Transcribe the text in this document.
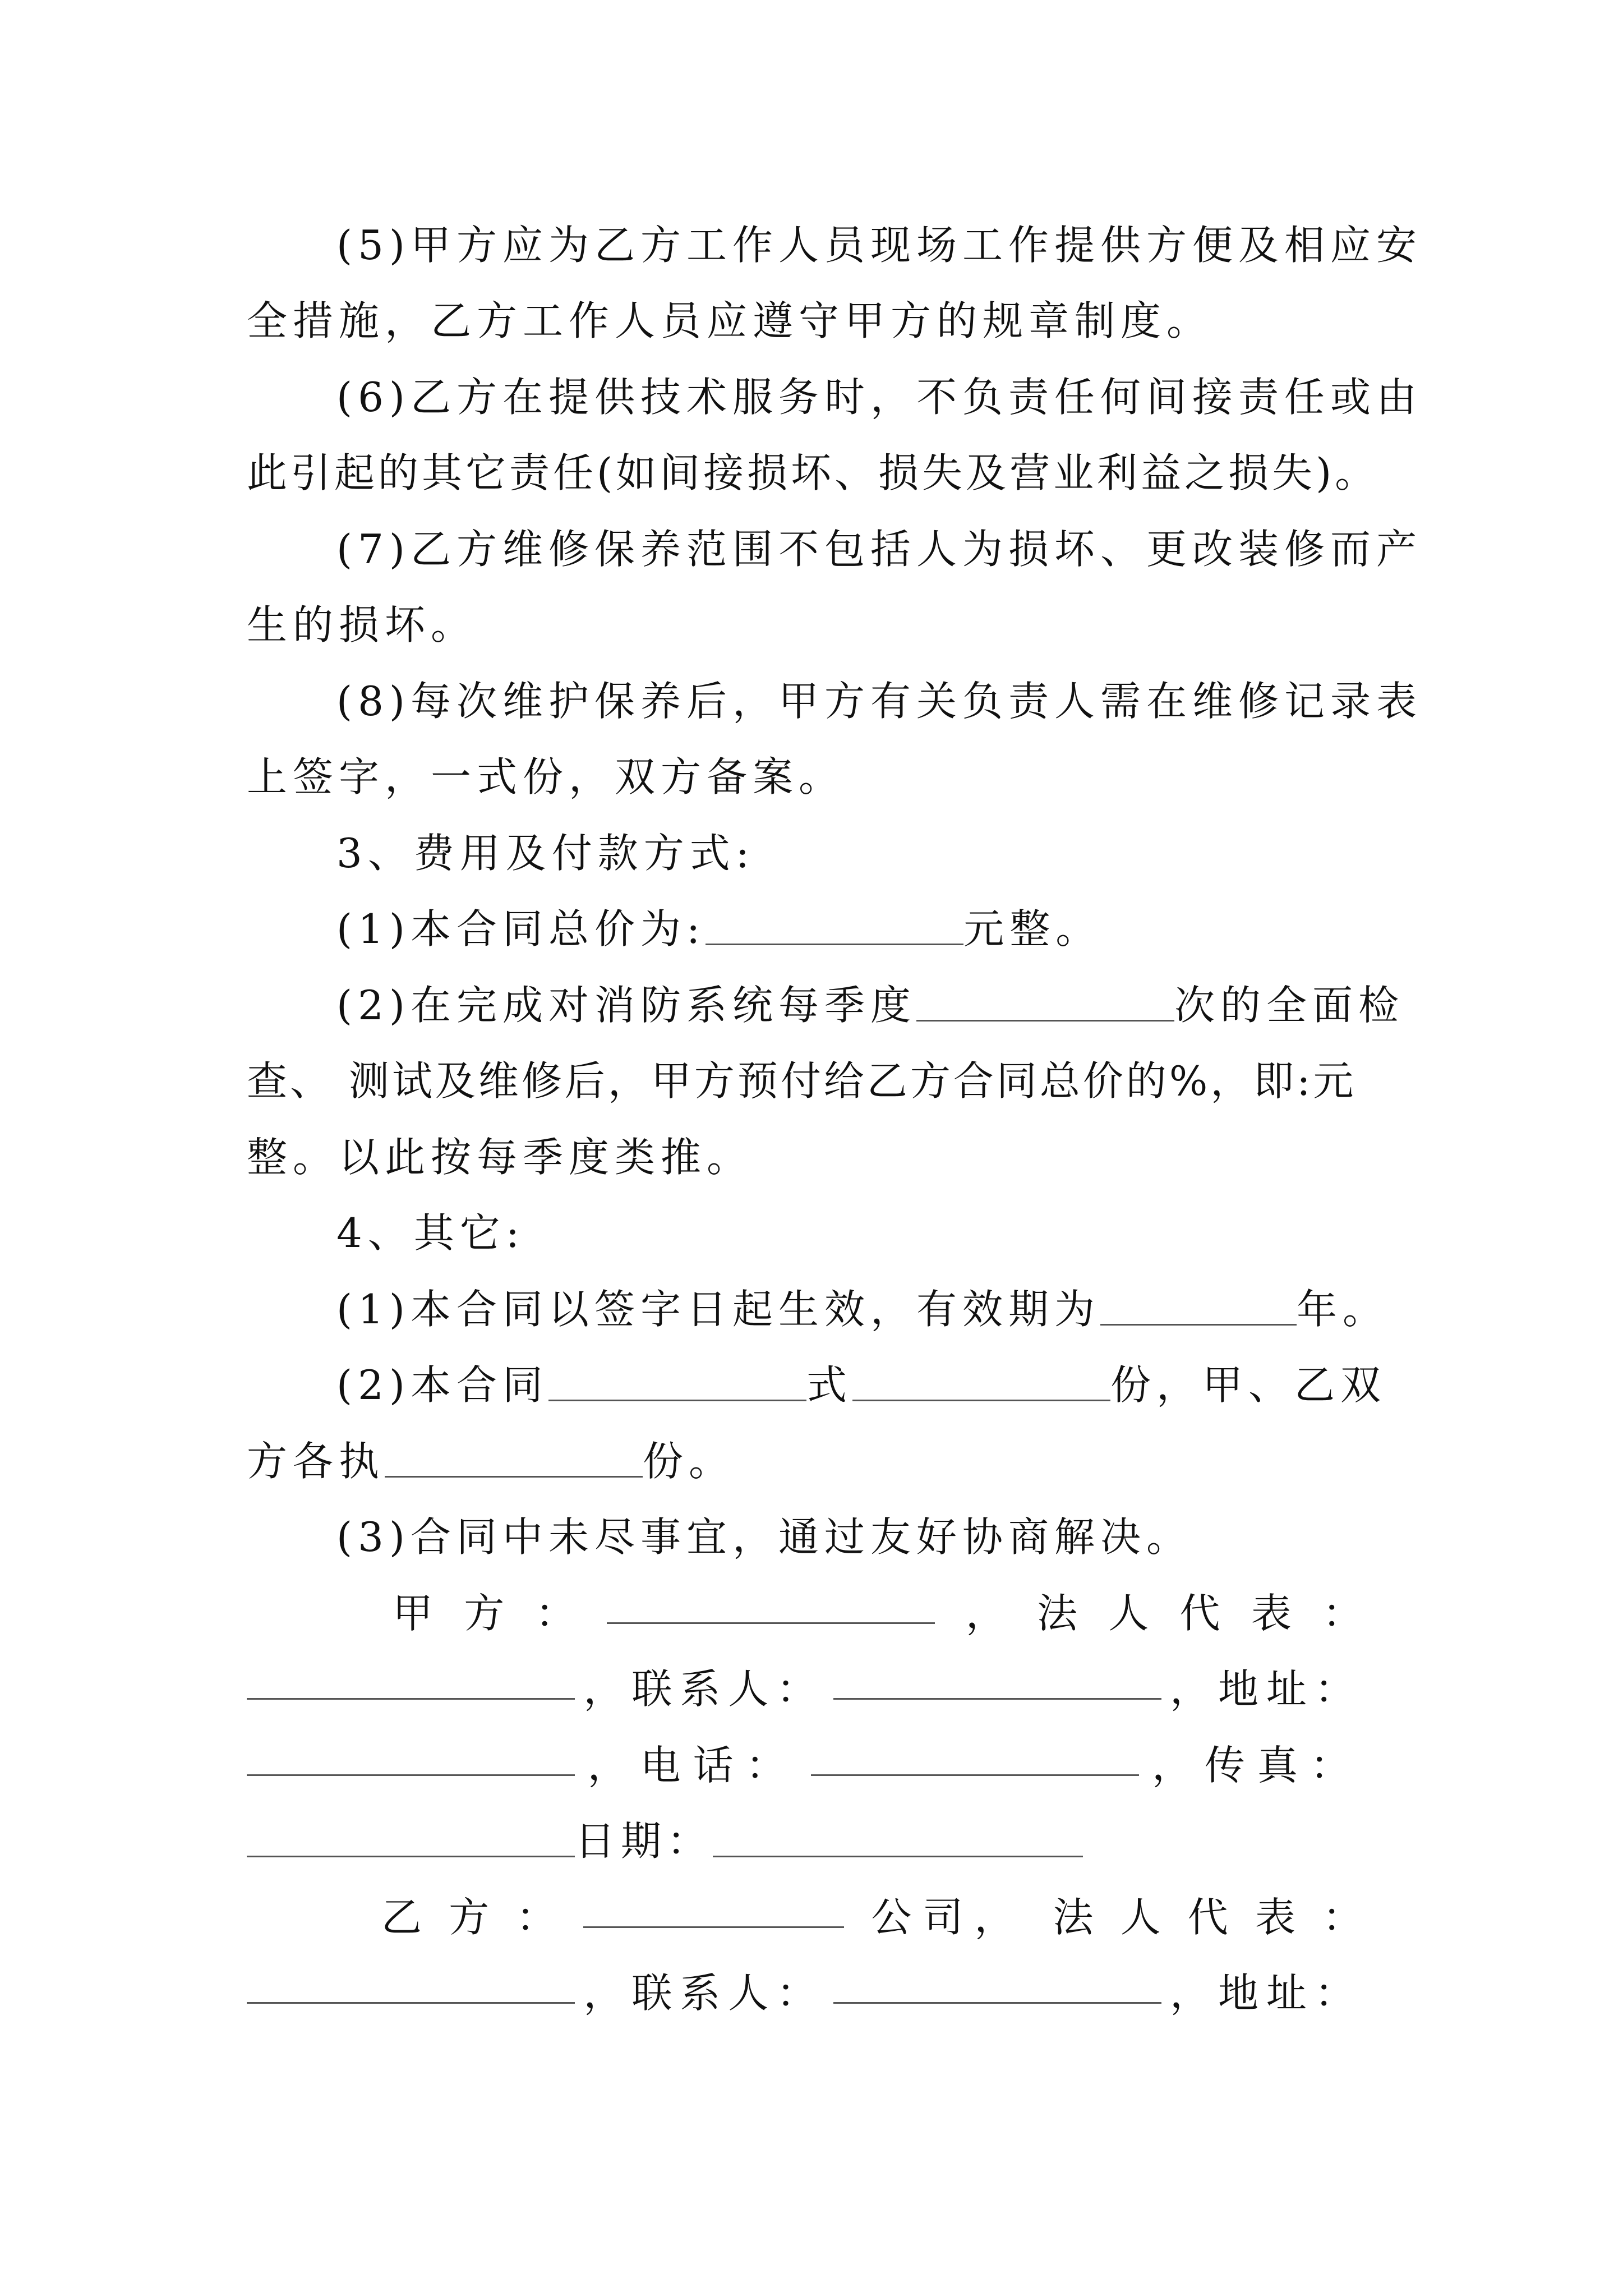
(5)甲方应为乙方工作人员现场工作提供方便及相应安
全措施，乙方工作人员应遵守甲方的规章制度。
(6)乙方在提供技术服务时，不负责任何间接责任或由
此引起的其它责任(如间接损坏、损失及营业利益之损失)。
(7)乙方维修保养范围不包括人为损坏、更改装修而产
生的损坏。
(8)每次维护保养后，甲方有关负责人需在维修记录表
上签字，一式份，双方备案。
3、费用及付款方式:
(1)本合同总价为:	元整。
(2)在完成对消防系统每季度	次的全面检
查、 测试及维修后，甲方预付给乙方合同总价的%，即:元
整。以此按每季度类推。
4、其它:
(1)本合同以签字日起生效，有效期为	年。
(2)本合同	式	份，甲、乙双
方各执	份。
(3)合同中未尽事宜，通过友好协商解决。
甲 方 ：	， 法 人 代 表 ：
，联系人：	，地址：
，电话：	，传真：
日期：
乙 方 ：	公司， 法 人 代 表 ：
，联系人：	，地址：
